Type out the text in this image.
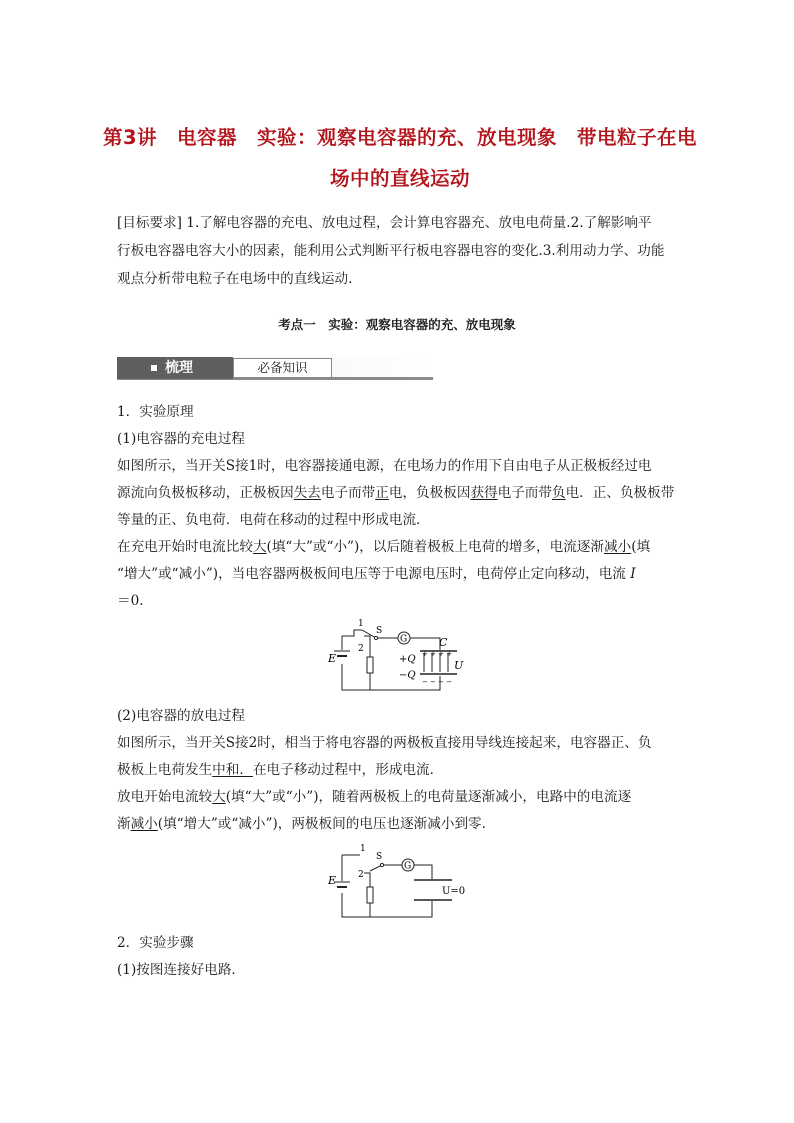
第3讲　电容器　实验：观察电容器的充、放电现象　带电粒子在电
场中的直线运动
[目标要求] 1.了解电容器的充电、放电过程，会计算电容器充、放电电荷量.2.了解影响平
行板电容器电容大小的因素，能利用公式判断平行板电容器电容的变化.3.利用动力学、功能
观点分析带电粒子在电场中的直线运动.
考点一　实验：观察电容器的充、放电现象
梳理	必备知识
1．实验原理
(1)电容器的充电过程
如图所示，当开关S接1时，电容器接通电源，在电场力的作用下自由电子从正极板经过电
源流向负极板移动，正极板因失去电子而带正电，负极板因获得电子而带负电．正、负极板带
等量的正、负电荷．电荷在移动的过程中形成电流．
在充电开始时电流比较大(填“大”或“小”)，以后随着极板上电荷的增多，电流逐渐减小(填
“增大”或“减小”)，当电容器两极板间电压等于电源电压时，电荷停止定向移动，电流 I
＝0.
E
1
S
2
G	C
+ + + +
+Q
−Q
− − − −
U
(2)电容器的放电过程
如图所示，当开关S接2时，相当于将电容器的两极板直接用导线连接起来，电容器正、负
极板上电荷发生中和．在电子移动过程中，形成电流．
放电开始电流较大(填“大”或“小”)，随着两极板上的电荷量逐渐减小，电路中的电流逐
渐减小(填“增大”或“减小”)，两极板间的电压也逐渐减小到零.
E
1
S
2
G
U=0
2．实验步骤
(1)按图连接好电路．
